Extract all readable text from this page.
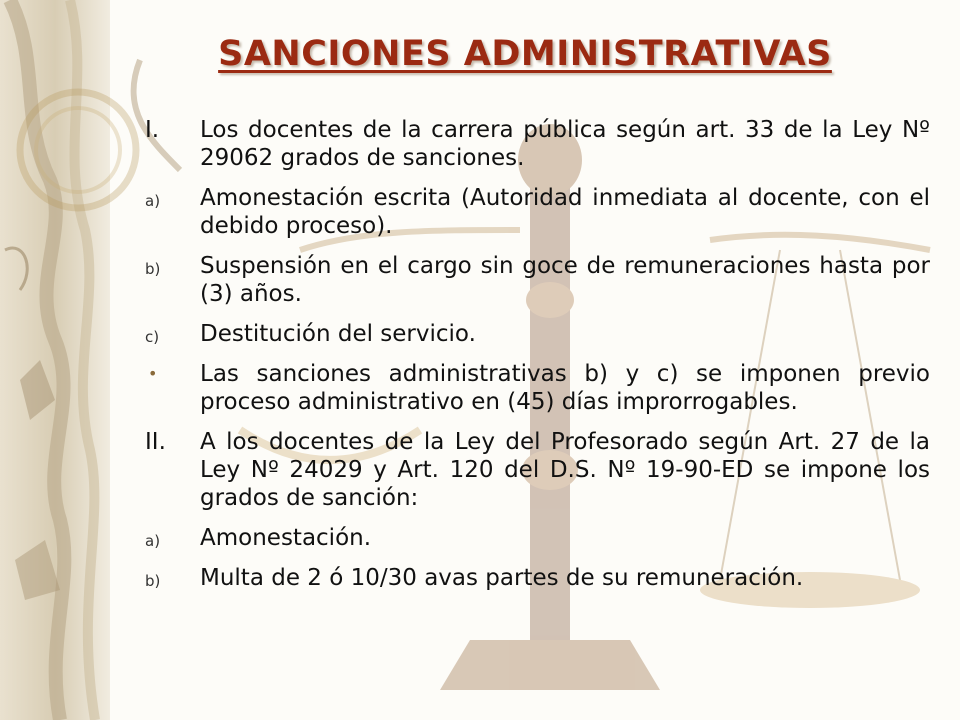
SANCIONES ADMINISTRATIVAS
I. Los docentes de la carrera pública según art. 33 de la Ley Nº 29062 grados de sanciones.
a) Amonestación escrita (Autoridad inmediata al docente, con el debido proceso).
b) Suspensión en el cargo sin goce de remuneraciones hasta por (3) años.
c) Destitución del servicio.
• Las sanciones administrativas b) y c) se imponen previo proceso administrativo en (45) días improrrogables.
II. A los docentes de la Ley del Profesorado según Art. 27 de la Ley Nº 24029 y Art. 120 del D.S. Nº 19-90-ED se impone los grados de sanción:
a) Amonestación.
b) Multa de 2 ó 10/30 avas partes de su remuneración.
